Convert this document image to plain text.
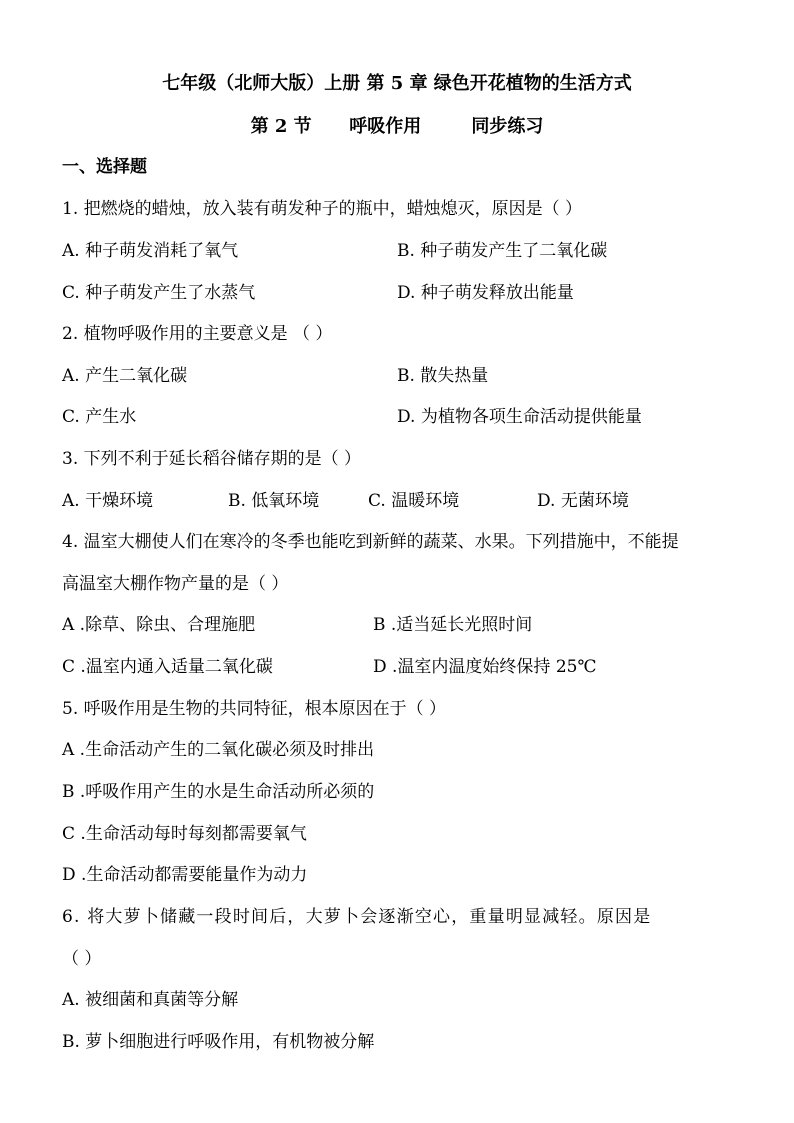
七年级（北师大版）上册 第 5 章 绿色开花植物的生活方式
第 2 节      呼吸作用        同步练习
一、选择题
1. 把燃烧的蜡烛，放入装有萌发种子的瓶中，蜡烛熄灭，原因是（ ）
A. 种子萌发消耗了氧气	B. 种子萌发产生了二氧化碳
C. 种子萌发产生了水蒸气	D. 种子萌发释放出能量
2. 植物呼吸作用的主要意义是 （ ）
A. 产生二氧化碳	B. 散失热量
C. 产生水	D. 为植物各项生命活动提供能量
3. 下列不利于延长稻谷储存期的是（ ）
A. 干燥环境	B. 低氧环境	C. 温暖环境	D. 无菌环境
4. 温室大棚使人们在寒冷的冬季也能吃到新鲜的蔬菜、水果。下列措施中，不能提
高温室大棚作物产量的是（ ）
A .除草、除虫、合理施肥	B .适当延长光照时间
C .温室内通入适量二氧化碳	D .温室内温度始终保持 25℃
5. 呼吸作用是生物的共同特征，根本原因在于（ ）
A .生命活动产生的二氧化碳必须及时排出
B .呼吸作用产生的水是生命活动所必须的
C .生命活动每时每刻都需要氧气
D .生命活动都需要能量作为动力
6. 将大萝卜储藏一段时间后，大萝卜会逐渐空心，重量明显减轻。原因是
（ ）
A. 被细菌和真菌等分解
B. 萝卜细胞进行呼吸作用，有机物被分解
